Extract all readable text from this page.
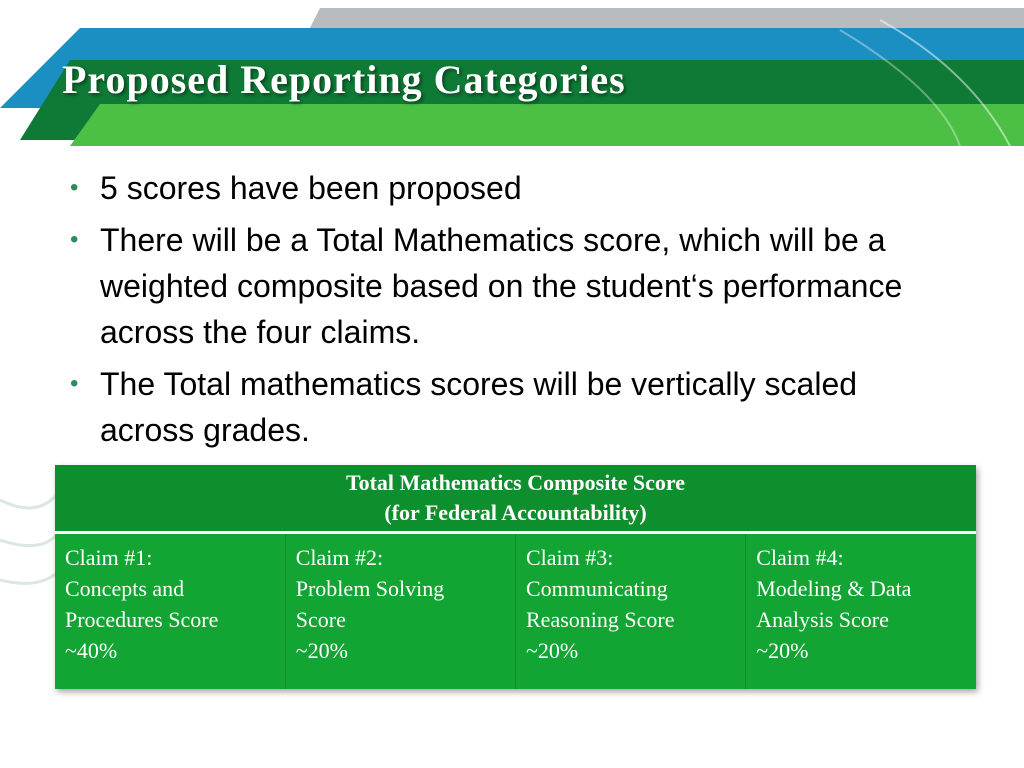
Proposed Reporting Categories
• 5 scores have been proposed
• There will be a Total Mathematics score, which will be a weighted composite based on the student‘s performance across the four claims.
• The Total mathematics scores will be vertically scaled across grades.
Total Mathematics Composite Score
(for Federal Accountability)

Claim #1:
Concepts and
Procedures Score
~40%

Claim #2:
Problem Solving
Score
~20%

Claim #3:
Communicating
Reasoning Score
~20%

Claim #4:
Modeling & Data
Analysis Score
~20%
